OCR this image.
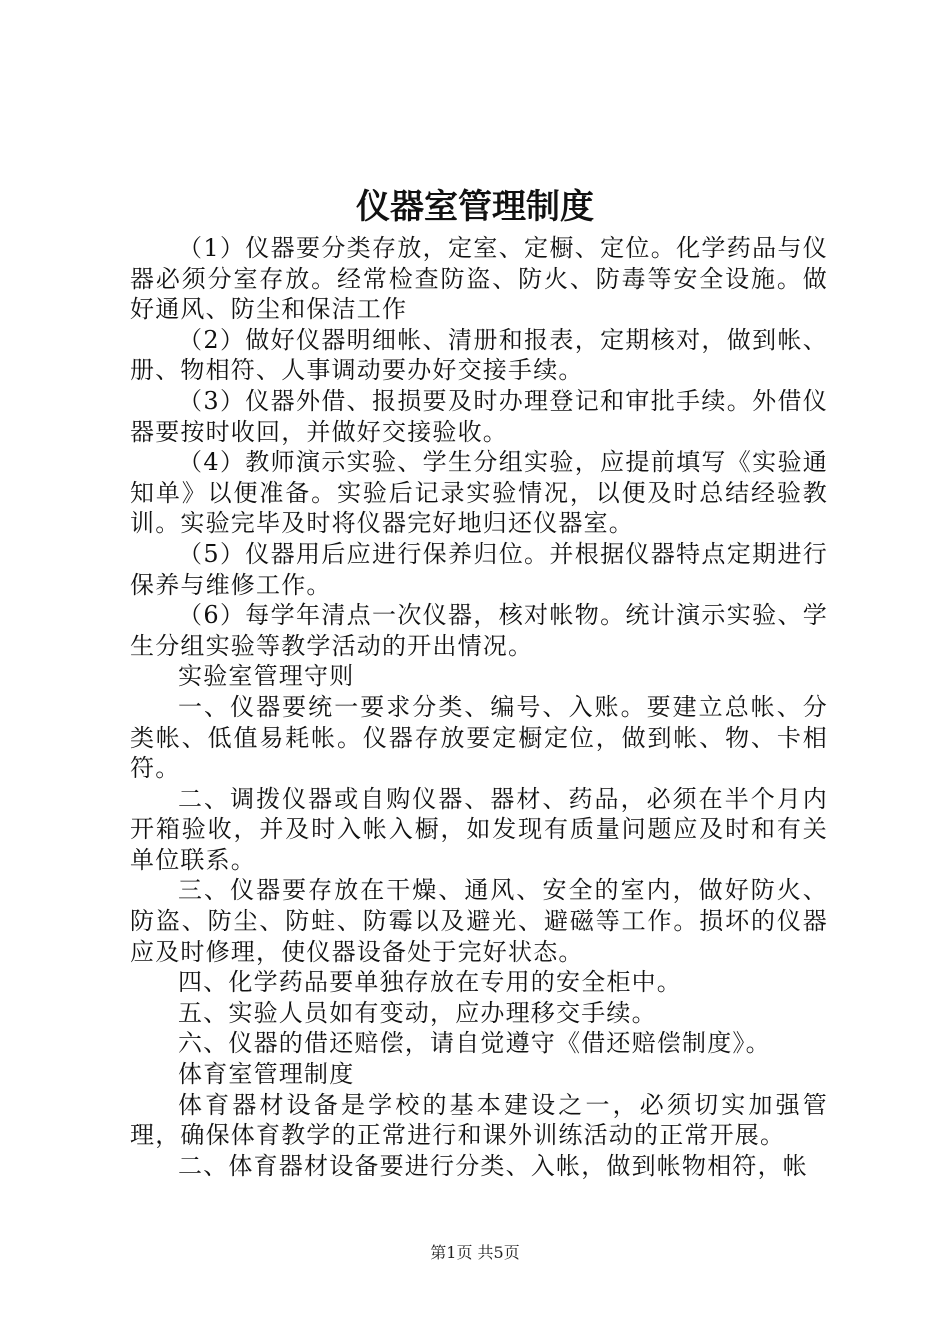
仪器室管理制度

（1）仪器要分类存放，定室、定橱、定位。化学药品与仪器必须分室存放。经常检查防盗、防火、防毒等安全设施。做好通风、防尘和保洁工作

（2）做好仪器明细帐、清册和报表，定期核对，做到帐、册、物相符、人事调动要办好交接手续。

（3）仪器外借、报损要及时办理登记和审批手续。外借仪器要按时收回，并做好交接验收。

（4）教师演示实验、学生分组实验，应提前填写《实验通知单》以便准备。实验后记录实验情况，以便及时总结经验教训。实验完毕及时将仪器完好地归还仪器室。

（5）仪器用后应进行保养归位。并根据仪器特点定期进行保养与维修工作。

（6）每学年清点一次仪器，核对帐物。统计演示实验、学生分组实验等教学活动的开出情况。

实验室管理守则

一、仪器要统一要求分类、编号、入账。要建立总帐、分类帐、低值易耗帐。仪器存放要定橱定位，做到帐、物、卡相符。

二、调拨仪器或自购仪器、器材、药品，必须在半个月内开箱验收，并及时入帐入橱，如发现有质量问题应及时和有关单位联系。

三、仪器要存放在干燥、通风、安全的室内，做好防火、防盗、防尘、防蛀、防霉以及避光、避磁等工作。损坏的仪器应及时修理，使仪器设备处于完好状态。

四、化学药品要单独存放在专用的安全柜中。

五、实验人员如有变动，应办理移交手续。

六、仪器的借还赔偿，请自觉遵守《借还赔偿制度》。

体育室管理制度

体育器材设备是学校的基本建设之一，必须切实加强管理，确保体育教学的正常进行和课外训练活动的正常开展。

二、体育器材设备要进行分类、入帐，做到帐物相符，帐

第1页 共5页
